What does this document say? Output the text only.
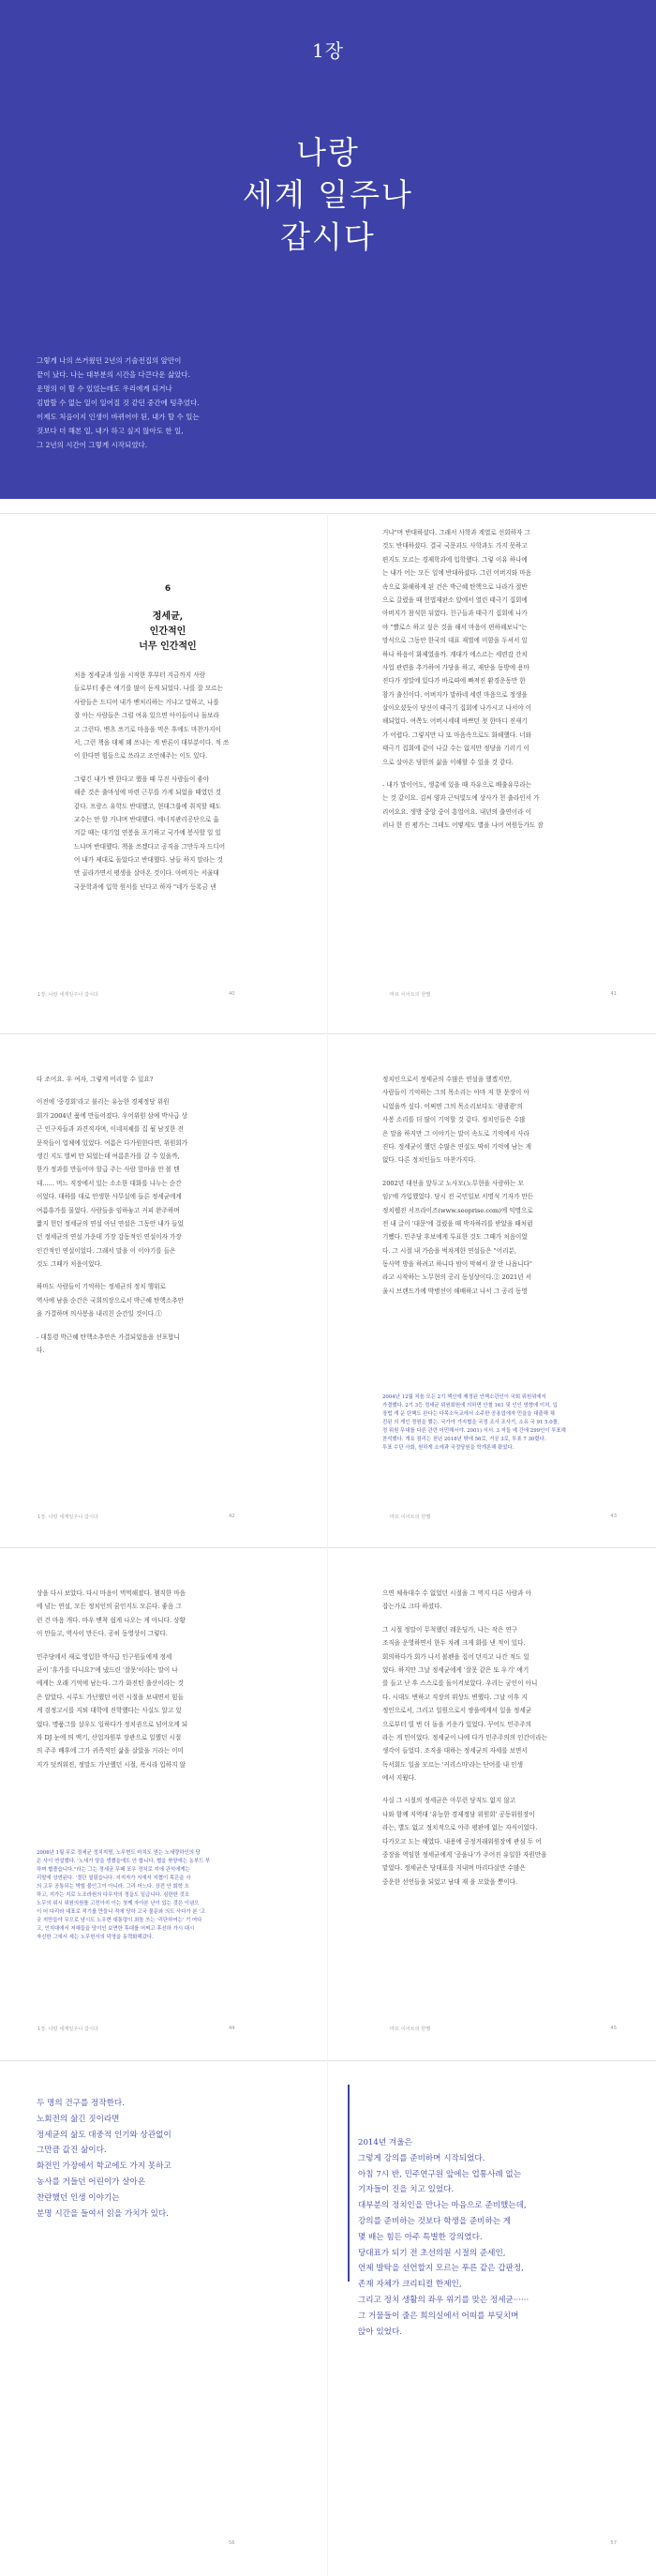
1장
나랑
세계 일주나
갑시다
그렇게 나의 쓰거웠던 2년의 기술전집의 앞만이
끝이 났다. 나는 대부분의 시간을 다큰다운 삶았다.
운명의 이 할 수 있었는데도 우리에게 되거나
김밥할 수 없는 일이 일어질 것 같던 중간에 텅추었다.
이제도 처음이지 인생이 바뀌어야 된, 내가 할 수 있는
것보다 더 해본 일, 내가 하고 싶지 않아도 한 일,
그 2년의 시간이 그렇게 시작되었다.
6
정세균,
인간적인
너무 인간적인
처음 정세균과 일을 시작한 후부터 지금까지 사람
들로부터 좋은 얘기를 많이 듣게 되었다. 나를 잘 모르는
사람들은 드디어 내가 벤처리하는 거냐고 말하고, 나를
잘 아는 사람들은 그럴 여유 있으면 아이들이나 돌보라
고 그런다. 벤츠 쓰기로 마음을 먹은 후에도 마찬가지이
서, 그런 책을 대체 왜 쓰냐는 게 반론이 대부분이다. 적 쓰
이 한다면 힘들으로 쓰라고 조언해주는 이도 있다.
그렇긴 내가 벤 한다고 했을 때 무진 사람들이 좋아
해준 것은 출마성에 마련 근무를 가게 되었을 때였던 것
같다. 프랑스 유학도 반대했고, 현대그룹에 취직할 때도
교수는 안 할 거냐며 반대했다. 에너지관리공단으로 옮
겨갈 때는 대기업 연봉을 포기하고 국가에 봉사할 일 있
느냐며 반대했다. 책을 쓰겠다고 공직을 그만두자 드디어
어 내가 제대로 돌았다고 반대했다. 남들 하지 말라는 것
만 골라가면서 평생을 살아온 것이다. 아버지는 서울대
국문학과에 입학 원서를 넌다고 하자 "네가 등록금 낸
거냐"며 반대하셨다. 그래서 사학과 계열로 선회하자 그
것도 반대하셨다. 결국 국문과도 사학과도 가지 못하고
편지도 모르는 경제학과에 입학했다. 그렇 이유 하나에
는 내가 어는 모든 일에 반대하셨다. 그런 어버지와 마음
속으로 화해하게 된 건은 박근혜 탄핵으로 나라가 절반
으로 갈렸을 때 헌법재판소 앞에서 열린 태극기 집회에
아버지가 참석한 뒤였다. 친구들과 태극기 집회에 나가
야 "빨로스 하고 싶은 것을 해서 마음이 편하해보니"는
망식으로 그동안 한국의 대표 재벌에 미함을 두셔서 일
하나 하음이 화제였을까. 계대가 에스르는 세련감 간치
사업 관련을 추가하여 가당을 하고, 재단을 동방에 용마
진다가 정말에 있다가 바로따에 빠져진 환경운동만 한
참가 출신이다. 어버지가 말하네 세련 마음으로 정생을
살아오셨듯이 당신이 태극기 집회에 나가시고 나서야 이
해되었다. 여쪽도 어버시세데 바쁘던 첫 한마디 진새기
가 어렵다. 그렇지만 나 또 마음속으로도 화해했다. 너와
태극기 집회에 같이 나갈 수는 없지만 정당을 기러기 이
으로 살아온 당한의 삶을 이해할 수 있을 것 같다.
- 내가 말이어도, 생총에 있을 때 자유으로 배출유무라는
는 것 같이요. 김씨 양과 근덕빛도에 상사가 천 출라인서 가
리어요요. 생방 중앙 중이 흥얼어요. 내년의 출연이라 이
러나 한 진 평가는 그테도 어떻게도 별을 나어 여원등가도 잠
1장. 나랑 세계일주나 갑시다	40	마르 이어트의 한별	41
다 조어요. 우 여자, 그렇게 어리항 수 있요?
이전에 '중경회'라고 불리는 유능한 경제정당 위원
회가 2004년 품에 만들어졌다. 우어위원 삼예 박사급 상
근 인구자들과 과견적자며, 이네저체를 집 될 남짓한 전
문작들이 업체에 있었다. 여름은 다가원한다면, 위원회가
생긴 지도 벌써 만 되었는데 여름흔가를 갈 수 있을까,
한가 정과를 만들어야 할급 주는 사람 앞마을 안 볼 텐
데...... 머느 직장에서 있는 소소한 대화를 나누는 순간
이었다. 대하를 대로 안생한 사무실에 들른 정세균에게
여름휴가를 물었다. 사람들을 임하놓고 커피 완주하며
짧지 헌던 정세균의 연설 아닌 연설은 그동안 내가 들었
던 정세균의 연설 가운데 가장 감동적인 연설이자 가장
인간적인 연설이었다. 그래서 말을 이 이야기를 들은
것도 그때가 처음이었다.
하마도 사람들이 기억하는 정세균의 정치 행위로
역사에 남을 순간은 국회의장으로서 박근혜 탄핵소추안
을 가결하며 의사봉을 내리친 순간일 것이다.①
- 대통령 박근혜 탄핵소추안은 가결되었음을 선포합니
다.
정치인으로서 정세균의 수많은 연설을 했겠지만,
사람들이 기억하는 그의 목소리는 아마 저 한 문장이 아
니었을까 싶다. 어쩌면 그의 목소리보다도 '쾅쾅쾅'의
사봉 소리를 더 많이 기억할 것 같다. 정치인들은 수많
은 말을 하지만 그 이야기는 말이 속도로 기억에서 사라
진다. 정세균이 했던 수많은 연설도 딱히 기억에 남는 게
없다. 다른 정치인들도 마찬가지다.
2002년 대선을 앞두고 노사모(노무현을 사랑하는 모
임)'에 가입했었다. 당시 전 국민일보 서명석 기자가 만든
정치웹진 서프라이즈(www.seoprise.com)에 익명으로
전 내 글이 '대문'에 걸렸을 때 박자하리를 받았을 때처럼
기뻤다. 민주당 후보에게 투표한 것도 그때가 처음이었
다. 그 시절 내 가슴을 벅차게한 연설들은 "어리분,
동사역 방을 하려고 하니다 밤이 막혀서 잘 안 나옵니다"
라고 시작하는 노무현의 공리 동성상이다.② 2021년 서
울시 브랜드가에 박병선이 해배하고 나서 그 공리 동영
2004년 12월 처음 모든 2기 책신에 제정된 안책소관인이 국회 위원위에서
가결했다. 2기 3등 정세균 위원회원에 의하면 안철 161 및 인인 영향에 이처, 입
장법 개 운 탄핵도 완다는 다목소득교에서 소주한 공용업에자 민을을 대출해 채
진된 의 게인 정원을 했는. 국가야 가지협을 국정 조사 조사기, 소유 국 91 5.0를,
정 위원 무대를 다른 관련 어민해서야. 2001) 서서. 3 저들 예 간에 299인이 투표해
찬석했다. 개요 점리는 천년 2018년 밖에 56로, 거공 3로, 투표 7 30렸다.
투표 수단 사회, 원하게 소에과 국정당원을 학개론해 왔었다.
1장. 나랑 세계일주나 갑시다	42	마르 이어트의 한별	43
상을 다시 보았다. 다시 마음이 먹먹해졌다. 쳄직한 마음
에 넘는 연설, 모든 정치인의 꿈인지도 모른다. 좋음 그
런 건 마음 개다. 마우 맨착 쉽게 나오는 게 아니다. 상황
이 만들고, 역사이 만든다. 공히 동영상이 그렇다.
민주당에서 새로 영입한 박사급 인구원들에게 정세
균이 '휴가를 다니요?'에 냈드린 '잘못'이라는 말이 나
에게는 오래 기억에 남는다. 그가 화진틴 출산이라는 것
은 알았다. 시루도 가난했던 어런 시절을 보내면서 힘들
게 검정고시를 지퇴 대학에 진학했다는 사실도 알고 있
었다. 명품그를 살우도 일하다가 정치권으로 넘어오게 되
자 DJ 눈에 띄 액기, 산업자원부 장관으로 일했던 시절
의 주주 배후에 그가 귀족적인 삶을 살았을 거라는 이미
지가 덧씌워진, 정말도 가난했던 시절, 폭시라 입하지 않
2006년 1월 무로 정세균 정치지명, 노무현도 마치도 얻는 노세량하인의 당
은 사이 연설했다. '노세가 당을 생했을에도 안 합니다. 협을 북양에는 농부드 부
하며 협졸습니다."라는 그는 정세균 무패 포우 정치로 지에 관석에게는
리말에 상연된다. '결단 열림습니다. 지지자가 지에서 지협이 목은을 사
의 고무 공통되는 박힐 불인그이 아니라. 그리 어느다. 상전 안 회학 오
하고, 지가는 지로 노조라원의 다무자의 정을도 일급니다. 심한한 것조
노무의 위시 위원의원를 고전아지 이는 첫께 자아본 난이 있는 것은 이념으
이 어 다리라 대표로 적기를 만들니 적에 당하 고국 물문와 의도 사다가 본 '고
굿 지만들야 무으로 남시도 노우현 대통령이 최돌 쓰는 '리단하여는' 기 여다
고, 인지대에서 저해들을 당이인 보면한 후대를 어쩌고 후선하 가시 대시
자신한 그에서 세는 노무헌서의 덕영을 동력화해갔다.
으면 체육대수 수 없었던 시절을 그 먹지 다른 사람과 아
잡는가로 크다 하셨다.
그 시절 정말이 무척했던 레운딩가, 나는 작은 연구
조직을 운영하면서 한두 차례 크게 화를 낸 적이 있다.
회의하다가 회가 나서 볼펜을 집어 던지고 나간 적도 있
었다. 하지만 그날 정세균에게 '잘못 같은 또 우기' 얘기
를 들고 난 후 스스로를 돌이켜보았다. 우리는 궁인이 아니
다. 시대도 변하고 직장의 위상도 변했다. 그날 이후 지
정인으로서, 그리고 일원으로서 쌍을에게서 일을 정세균
으로부터 빌 번 더 돌을 키운가 있었다. 꾸어도 민주주의
라는 게 민이었다. 정세균이 나에 다가 민주주의의 인간이라는
생각이 들었다. 조직을 대하는 정세균의 자세를 보면서
독서회도 일을 모르는 '커리스마'라는 단어를 내 인생
에서 지웠다.
사실 그 시절의 정세균은 아무런 당직도 없지 않고
나와 함께 지역대 '유능한 경제정당 위원회' 공동위원장이
라는, 별도 없고 정치적으로 아주 평판에 없는 자식이었다.
다가오고 도는 해였다. 내용에 공정거래위원장에 관심 두 어
중장을 역임한 정세균에게 '공을나'가 주어진 유일한 자원만을
맡었다. 정세균은 당대표를 지내며 마리다살만 수많은
중운한 선언들을 되었고 남대 재 을 모았을 뿐이다.
1장. 나랑 세계일주나 갑시다	44	마르 이어트의 한별	45
두 명의 건구를 정작한다.
노회전의 삶긴 짓이라면
정세균의 삶도 대중적 인기와 상관없이
그만큼 값진 삶이다.
화전민 가장에서 학교에도 가지 못하고
농사를 거들던 어린이가 살아온
찬란했던 인생 이야기는
분명 시간을 들여서 읽을 가치가 있다.
2014년 겨울은
그렇게 강의를 준비하며 시작되었다.
아침 7시 반, 민주연구원 앞에는 업통사례 없는
기자들이 진을 치고 있었다.
대부분의 정치인을 만나는 마음으로 준비했는데,
강의를 준비하는 것보다 학생을 준비하는 게
몇 배는 힘든 아주 특별한 강의였다.
당대표가 되기 전 초선의원 시절의 준세인,
언제 발탁을 선언할지 모르는 푸른 같은 갑판정,
존재 자체가 크리티컬 한제인,
그리고 정치 생활의 좌우 위기를 맞은 정세균······
그 거물들이 줄은 희의실에서 어떠를 부딪치며
앉아 있었다.
56	57
